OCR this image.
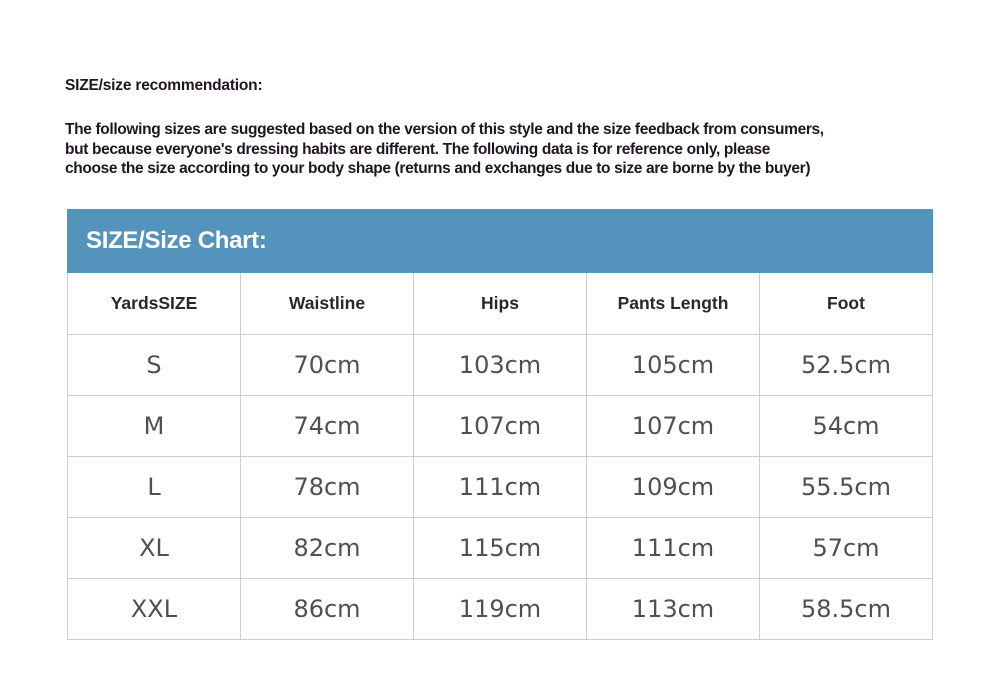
SIZE/size recommendation:
The following sizes are suggested based on the version of this style and the size feedback from consumers,
but because everyone's dressing habits are different. The following data is for reference only, please
choose the size according to your body shape (returns and exchanges due to size are borne by the buyer)
SIZE/Size Chart:
YardsSIZE	Waistline	Hips	Pants Length	Foot
S	70cm	103cm	105cm	52.5cm
M	74cm	107cm	107cm	54cm
L	78cm	111cm	109cm	55.5cm
XL	82cm	115cm	111cm	57cm
XXL	86cm	119cm	113cm	58.5cm
